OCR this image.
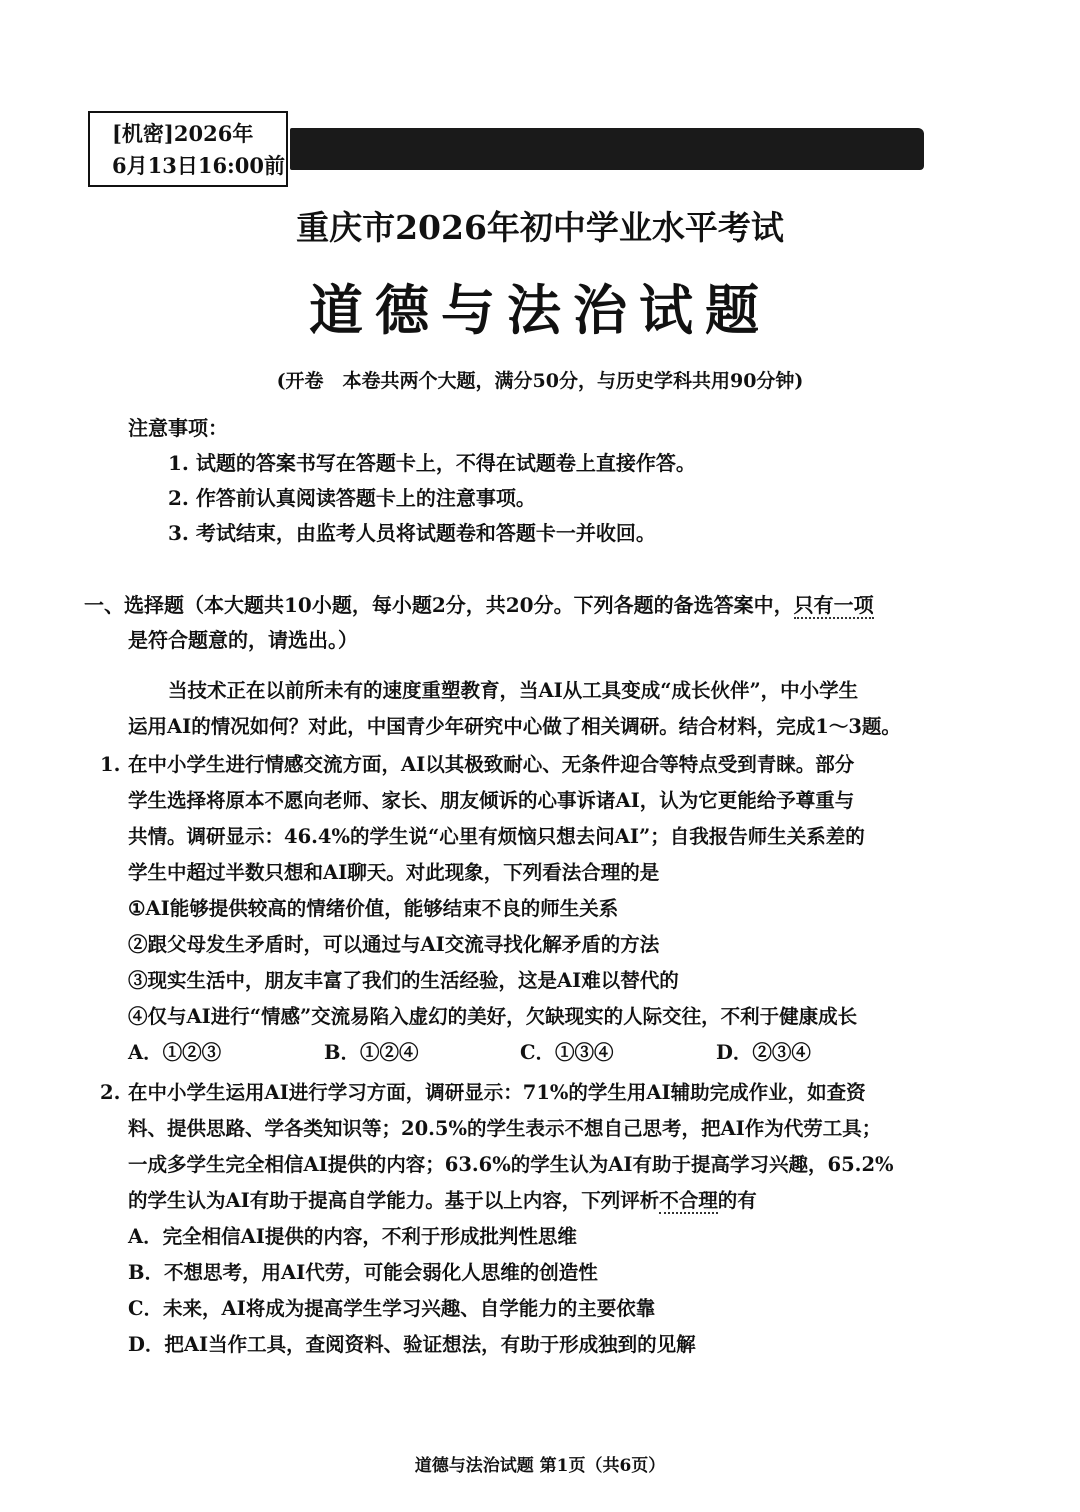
[机密]2026年
6月13日16:00前
重庆市2026年初中学业水平考试
道德与法治试题
(开卷　本卷共两个大题，满分50分，与历史学科共用90分钟)
注意事项：
1. 试题的答案书写在答题卡上，不得在试题卷上直接作答。
2. 作答前认真阅读答题卡上的注意事项。
3. 考试结束，由监考人员将试题卷和答题卡一并收回。
一、选择题（本大题共10小题，每小题2分，共20分。下列各题的备选答案中，只有一项
是符合题意的，请选出。）
当技术正在以前所未有的速度重塑教育，当AI从工具变成“成长伙伴”，中小学生
运用AI的情况如何？对此，中国青少年研究中心做了相关调研。结合材料，完成1～3题。
1. 在中小学生进行情感交流方面，AI以其极致耐心、无条件迎合等特点受到青睐。部分
学生选择将原本不愿向老师、家长、朋友倾诉的心事诉诸AI，认为它更能给予尊重与
共情。调研显示：46.4%的学生说“心里有烦恼只想去问AI”；自我报告师生关系差的
学生中超过半数只想和AI聊天。对此现象，下列看法合理的是
①AI能够提供较高的情绪价值，能够结束不良的师生关系
②跟父母发生矛盾时，可以通过与AI交流寻找化解矛盾的方法
③现实生活中，朋友丰富了我们的生活经验，这是AI难以替代的
④仅与AI进行“情感”交流易陷入虚幻的美好，欠缺现实的人际交往，不利于健康成长
A．①②③	B．①②④	C．①③④	D．②③④
2. 在中小学生运用AI进行学习方面，调研显示：71%的学生用AI辅助完成作业，如查资
料、提供思路、学各类知识等；20.5%的学生表示不想自己思考，把AI作为代劳工具；
一成多学生完全相信AI提供的内容；63.6%的学生认为AI有助于提高学习兴趣，65.2%
的学生认为AI有助于提高自学能力。基于以上内容，下列评析不合理的有
A．完全相信AI提供的内容，不利于形成批判性思维
B．不想思考，用AI代劳，可能会弱化人思维的创造性
C．未来，AI将成为提高学生学习兴趣、自学能力的主要依靠
D．把AI当作工具，查阅资料、验证想法，有助于形成独到的见解
道德与法治试题 第1页（共6页）
